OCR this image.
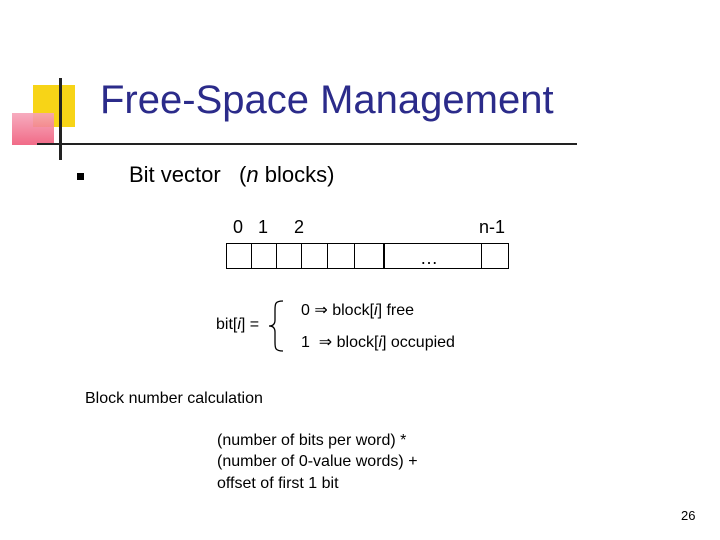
Free-Space Management
Bit vector (n blocks)
0 1 2	n-1
…
bit[i] =
0 ⇒ block[i] free
1 ⇒ block[i] occupied
Block number calculation
(number of bits per word) *
(number of 0-value words) +
offset of first 1 bit
26
